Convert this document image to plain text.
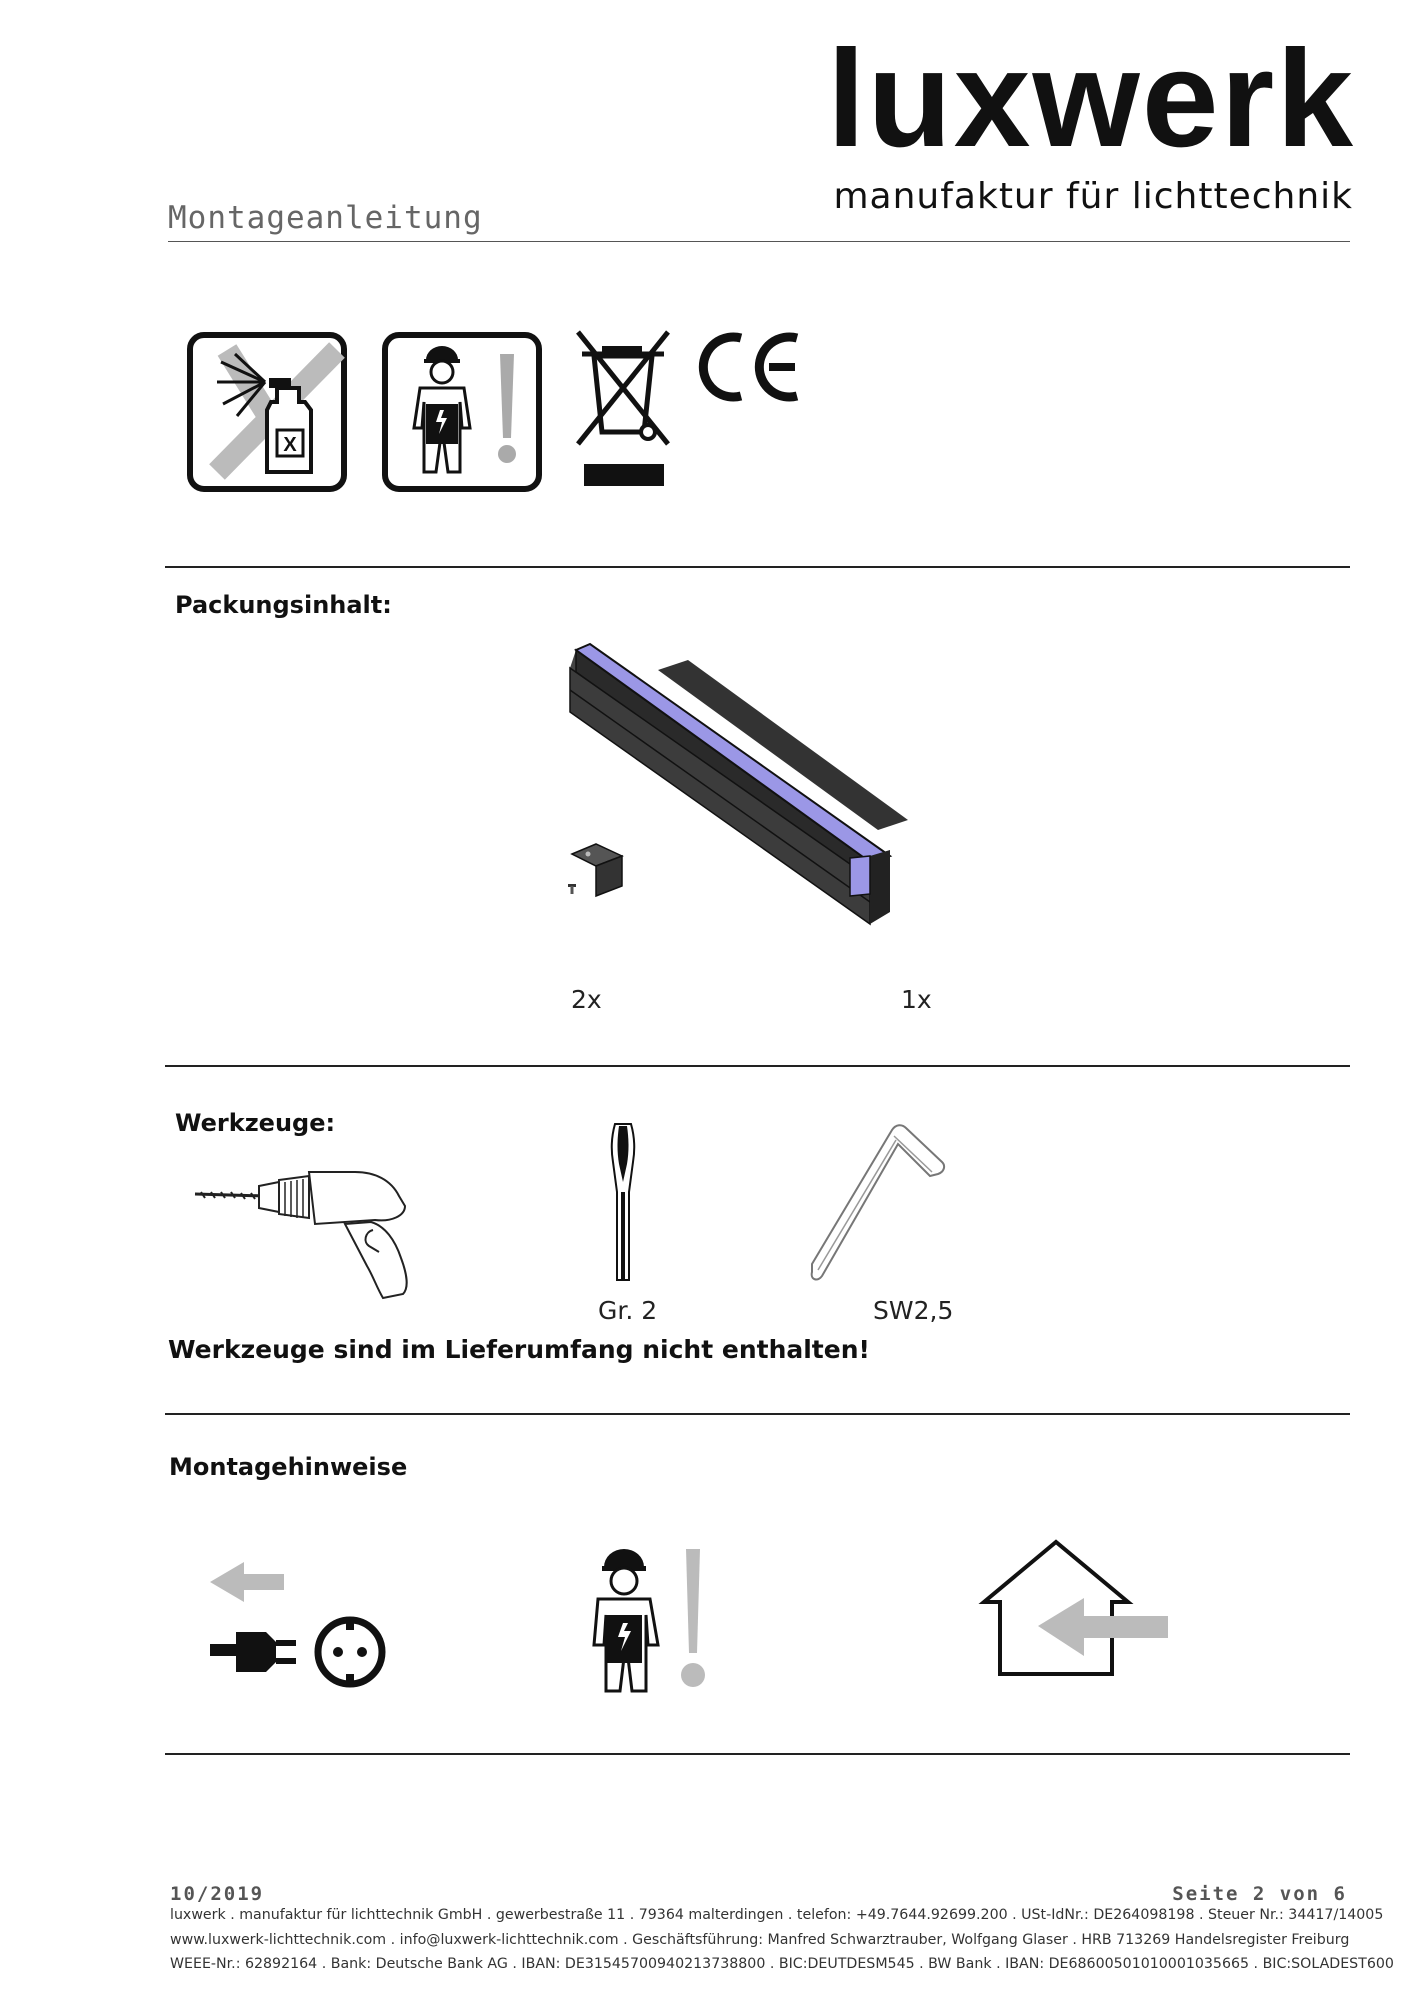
luxwerk
manufaktur für lichttechnik
Montageanleitung
X
Packungsinhalt:
2x	1x
Werkzeuge:
Gr. 2	SW2,5
Werkzeuge sind im Lieferumfang nicht enthalten!
Montagehinweise
10/2019	Seite 2 von 6
luxwerk . manufaktur für lichttechnik GmbH . gewerbestraße 11 . 79364 malterdingen . telefon: +49.7644.92699.200 . USt-IdNr.: DE264098198 . Steuer Nr.: 34417/14005
www.luxwerk-lichttechnik.com . info@luxwerk-lichttechnik.com . Geschäftsführung: Manfred Schwarztrauber, Wolfgang Glaser . HRB 713269 Handelsregister Freiburg
WEEE-Nr.: 62892164 . Bank: Deutsche Bank AG . IBAN: DE31545700940213738800 . BIC:DEUTDESM545 . BW Bank . IBAN: DE68600501010001035665 . BIC:SOLADEST600
